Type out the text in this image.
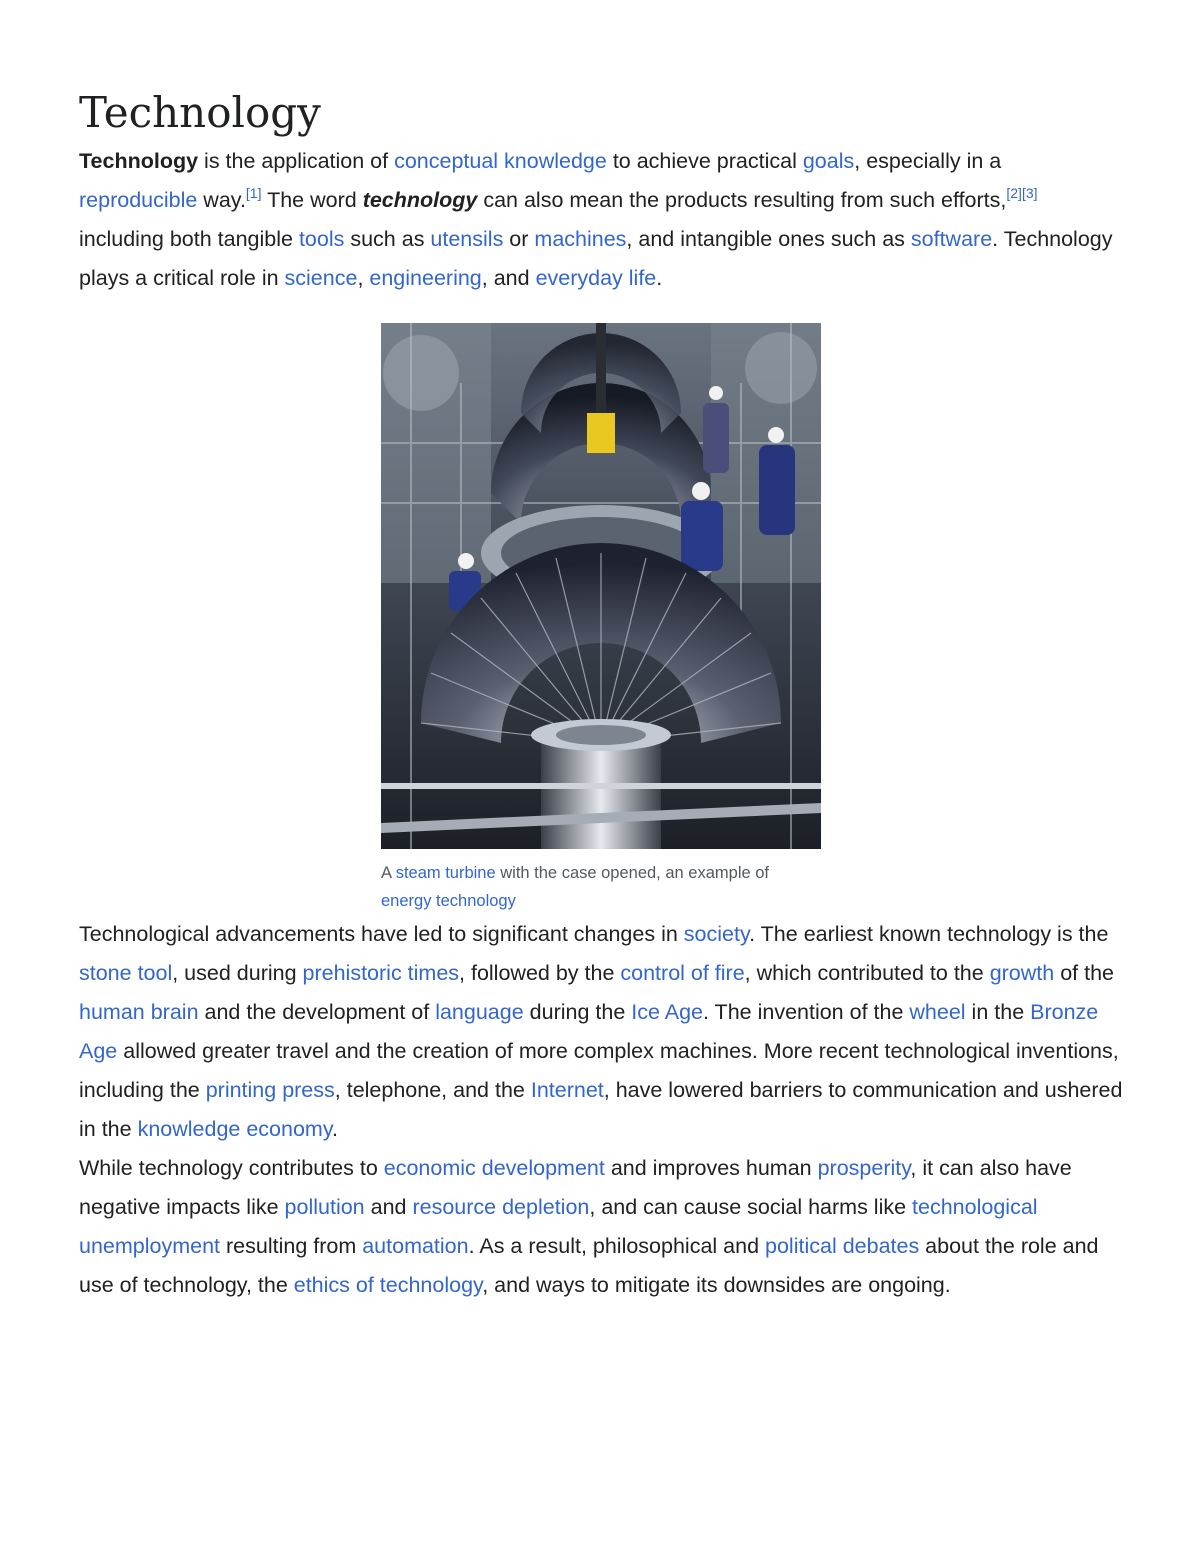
Technology

Technology is the application of conceptual knowledge to achieve practical goals, especially in a reproducible way.[1] The word technology can also mean the products resulting from such efforts,[2][3] including both tangible tools such as utensils or machines, and intangible ones such as software. Technology plays a critical role in science, engineering, and everyday life.

A steam turbine with the case opened, an example of energy technology

Technological advancements have led to significant changes in society. The earliest known technology is the stone tool, used during prehistoric times, followed by the control of fire, which contributed to the growth of the human brain and the development of language during the Ice Age. The invention of the wheel in the Bronze Age allowed greater travel and the creation of more complex machines. More recent technological inventions, including the printing press, telephone, and the Internet, have lowered barriers to communication and ushered in the knowledge economy.

While technology contributes to economic development and improves human prosperity, it can also have negative impacts like pollution and resource depletion, and can cause social harms like technological unemployment resulting from automation. As a result, philosophical and political debates about the role and use of technology, the ethics of technology, and ways to mitigate its downsides are ongoing.
